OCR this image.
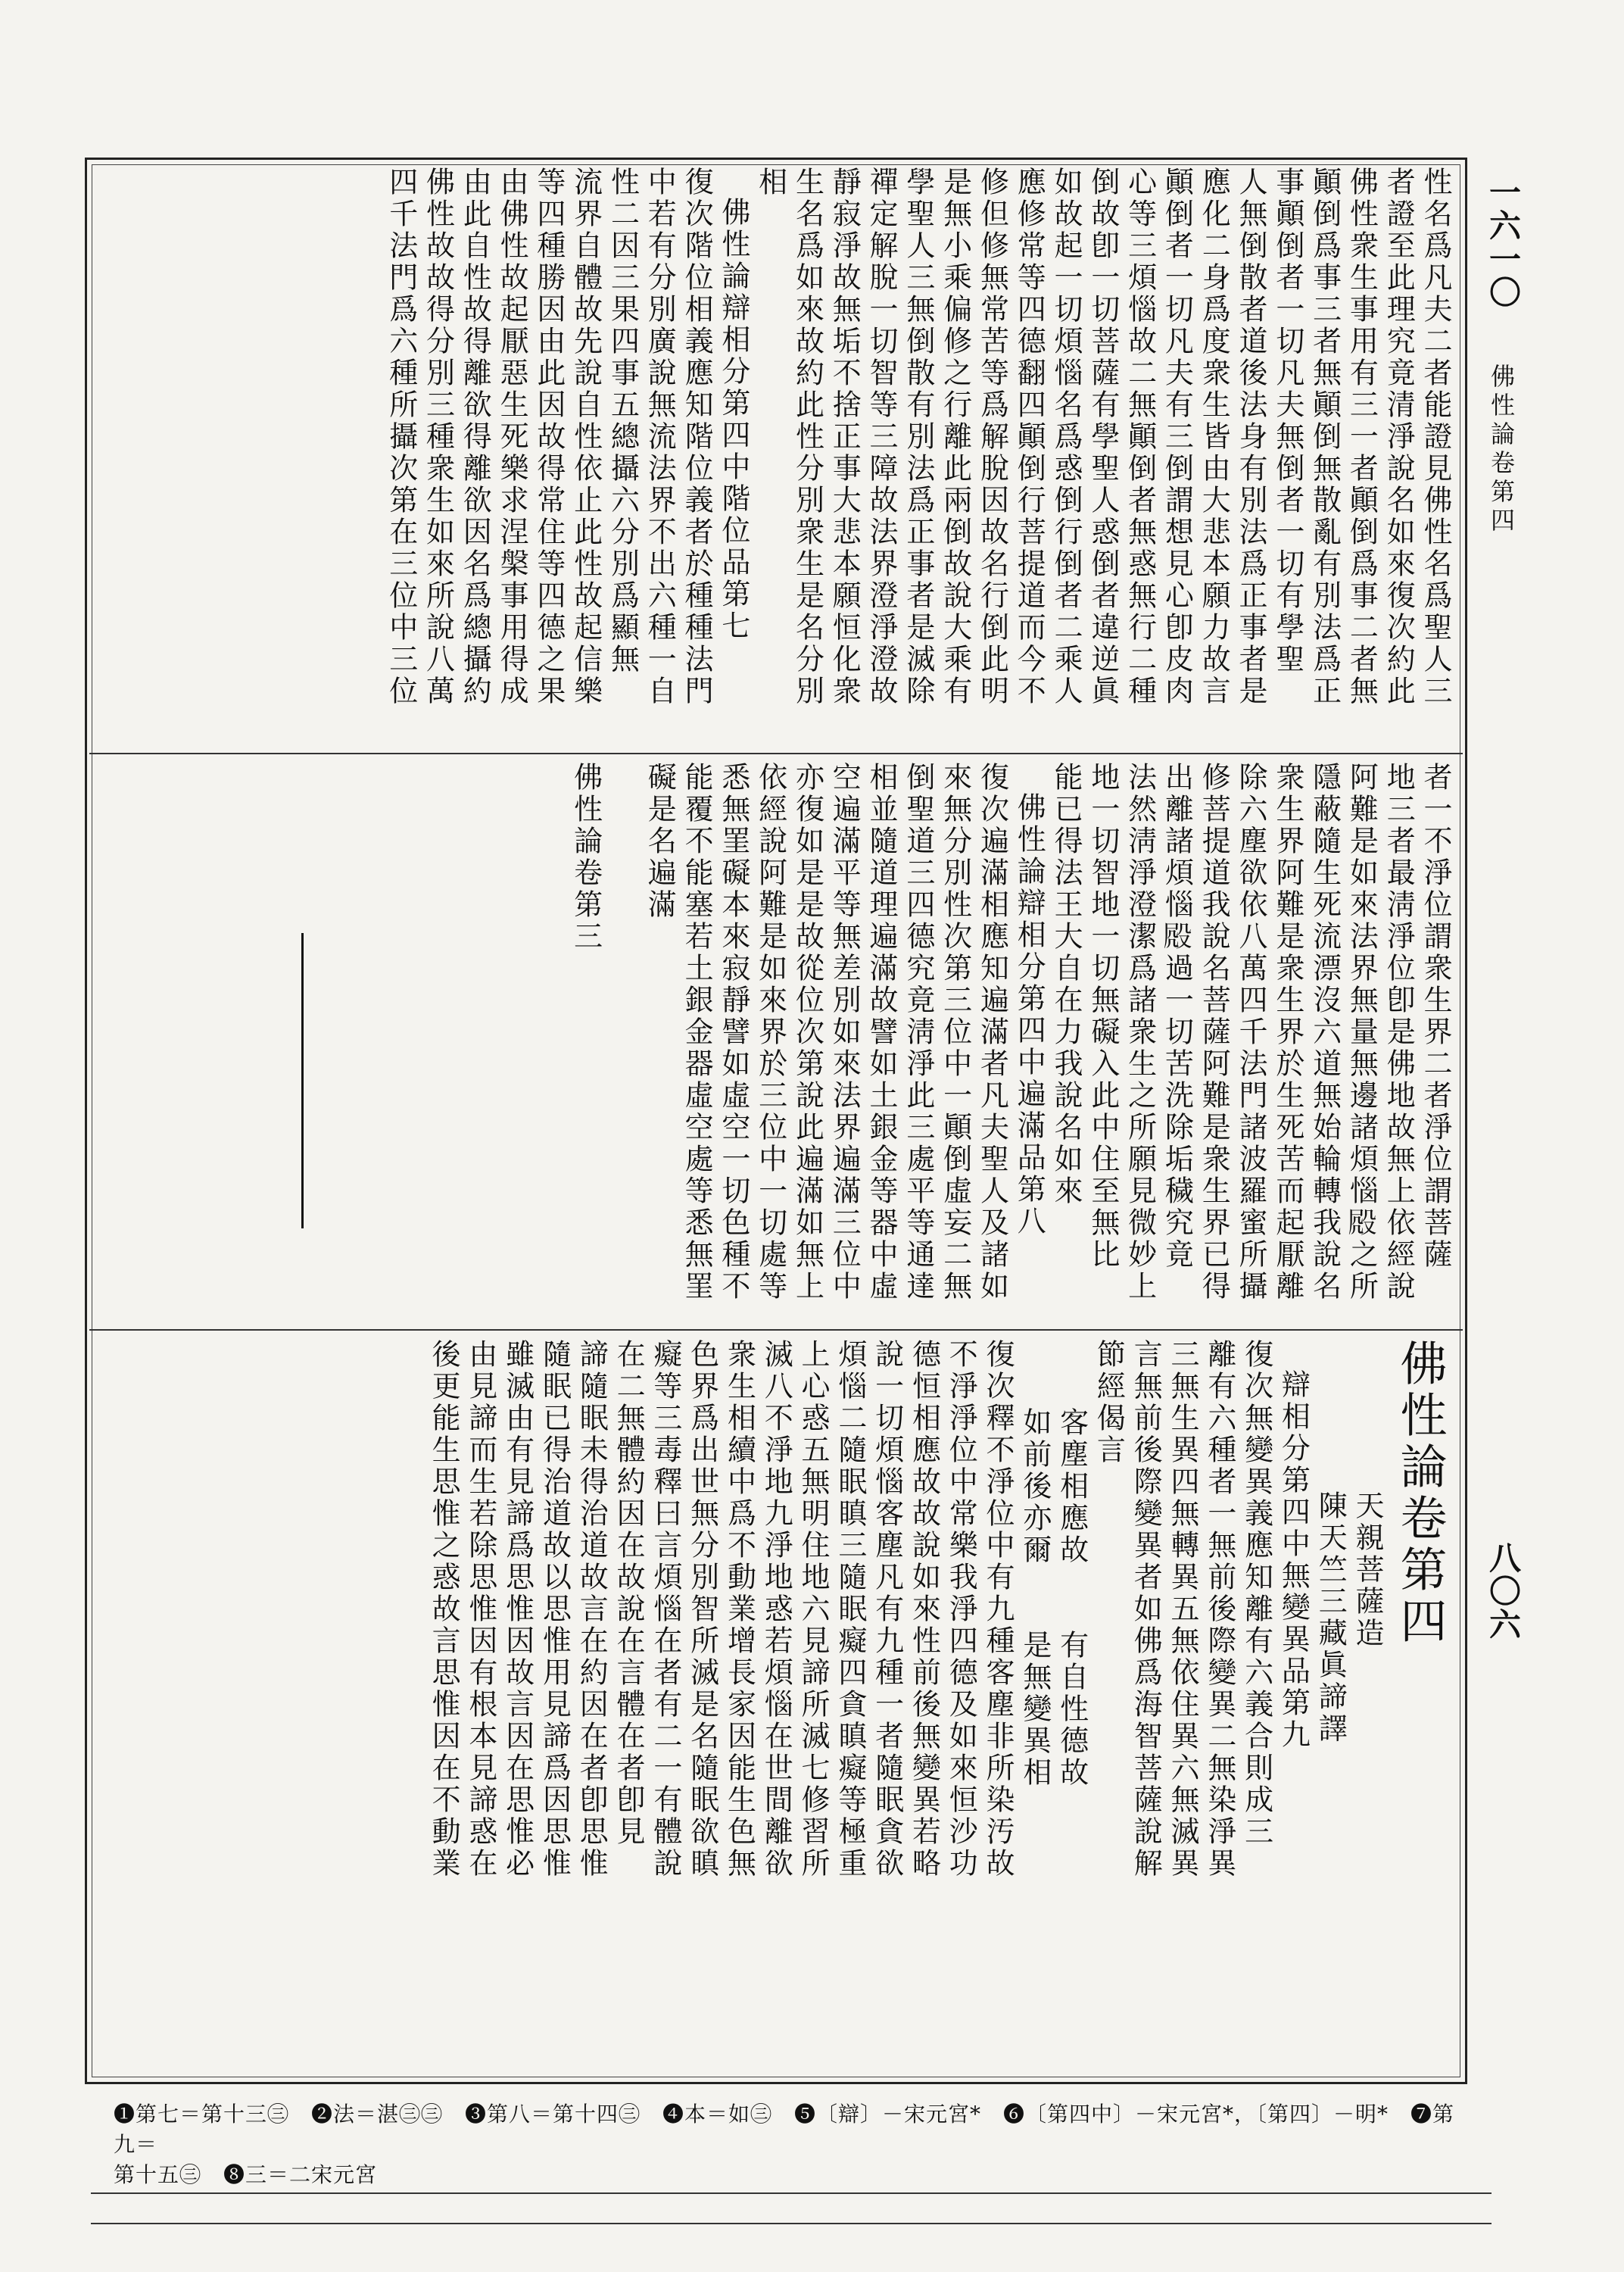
一六一〇
佛性論卷第四
八〇六
性名爲凡夫二者能證見佛性名爲聖人三
者證至此理究竟清淨說名如來復次約此
佛性衆生事用有三一者顚倒爲事二者無
顚倒爲事三者無顚倒無散亂有別法爲正
事顚倒者一切凡夫無倒者一切有學聖
人無倒散者道後法身有別法爲正事者是
應化二身爲度衆生皆由大悲本願力故言
顚倒者一切凡夫有三倒謂想見心卽皮肉
心等三煩惱故二無顚倒者無惑無行二種
倒故卽一切菩薩有學聖人惑倒者違逆眞
如故起一切煩惱名爲惑倒行倒者二乘人
應修常等四德翻四顚倒行菩提道而今不
修但修無常苦等爲解脫因故名行倒此明
是無小乘偏修之行離此兩倒故說大乘有
學聖人三無倒散有別法爲正事者是滅除
禪定解脫一切智等三障故法界澄淨澄故
靜寂淨故無垢不捨正事大悲本願恒化衆
生名爲如來故約此性分別衆生是名分別
相
佛性論辯相分第四中階位品第七
復次階位相義應知階位義者於種種法門
中若有分別廣說無流法界不出六種一自
性二因三果四事五總攝六分別爲顯無
流界自體故先說自性依止此性故起信樂
等四種勝因由此因故得常住等四德之果
由佛性故起厭惡生死樂求涅槃事用得成
由此自性故得離欲得離欲因名爲總攝約
佛性故故得分別三種衆生如來所說八萬
四千法門爲六種所攝次第在三位中三位
者一不淨位謂衆生界二者淨位謂菩薩
地三者最淸淨位卽是佛地故無上依經說
阿難是如來法界無量無邊諸煩惱𣪍之所
隱蔽隨生死流漂沒六道無始輪轉我說名
衆生界阿難是衆生界於生死苦而起厭離
除六塵欲依八萬四千法門諸波羅蜜所攝
修菩提道我說名菩薩阿難是衆生界已得
出離諸煩惱𣪍過一切苦洗除垢穢究竟
法然淸淨澄潔爲諸衆生之所願見微妙上
地一切智地一切無礙入此中住至無比
能已得法王大自在力我說名如來
佛性論辯相分第四中遍滿品第八
復次遍滿相應知遍滿者凡夫聖人及諸如
來無分別性次第三位中一顚倒虛妄二無
倒聖道三四德究竟淸淨此三處平等通達
相並隨道理遍滿故譬如土銀金等器中虛
空遍滿平等無差別如來法界遍滿三位中
亦復如是是故從位次第說此遍滿如無上
依經說阿難是如來界於三位中一切處等
悉無罣礙本來寂靜譬如虛空一切色種不
能覆不能塞若土銀金器虛空處等悉無罣
礙是名遍滿
佛性論卷第三
佛性論卷第四
天親菩薩造
陳天竺三藏眞諦譯
辯相分第四中無變異品第九
復次無變異義應知離有六義合則成三
離有六種者一無前後際變異二無染淨異
三無生異四無轉異五無依住異六無滅異
言無前後際變異者如佛爲海智菩薩說解
節經偈言
客塵相應故　　有自性德故
如前後亦爾　　是無變異相
復次釋不淨位中有九種客塵非所染汚故
不淨淨位中常樂我淨四德及如來恒沙功
德恒相應故故說如來性前後無變異若略
說一切煩惱客塵凡有九種一者隨眠貪欲
煩惱二隨眠瞋三隨眠癡四貪瞋癡等極重
上心惑五無明住地六見諦所滅七修習所
滅八不淨地九淨地惑若煩惱在世間離欲
衆生相續中爲不動業增長家因能生色無
色界爲出世無分別智所滅是名隨眠欲瞋
癡等三毒釋曰言煩惱在者有二一有體說
在二無體約因在故說在言體在者卽見
諦隨眠未得治道故言在約因在者卽思惟
隨眠已得治道故以思惟用見諦爲因思惟
雖滅由有見諦爲思惟因故言因在思惟必
由見諦而生若除思惟因有根本見諦惑在
後更能生思惟之惑故言思惟因在不動業
❶第七＝第十三㊂　❷法＝湛㊂㊂　❸第八＝第十四㊂　❹本＝如㊂　❺〔辯〕－宋元宮*　❻〔第四中〕－宋元宮*，〔第四〕－明*　❼第九＝
第十五㊂　❽三＝二宋元宮
